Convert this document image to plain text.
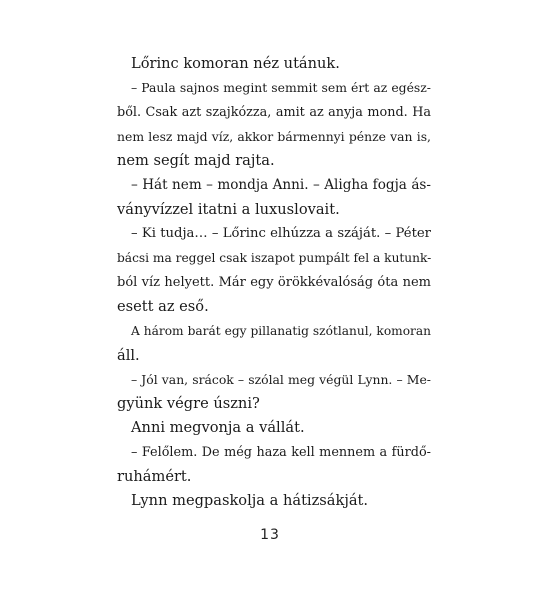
Lőrinc komoran néz utánuk.
– Paula sajnos megint semmit sem ért az egész-
ből. Csak azt szajkózza, amit az anyja mond. Ha
nem lesz majd víz, akkor bármennyi pénze van is,
nem segít majd rajta.
– Hát nem – mondja Anni. – Aligha fogja ás-
ványvízzel itatni a luxuslovait.
– Ki tudja… – Lőrinc elhúzza a száját. – Péter
bácsi ma reggel csak iszapot pumpált fel a kutunk-
ból víz helyett. Már egy örökkévalóság óta nem
esett az eső.
A három barát egy pillanatig szótlanul, komoran
áll.
– Jól van, srácok – szólal meg végül Lynn. – Me-
gyünk végre úszni?
Anni megvonja a vállát.
– Felőlem. De még haza kell mennem a fürdő-
ruhámért.
Lynn megpaskolja a hátizsákját.
13
